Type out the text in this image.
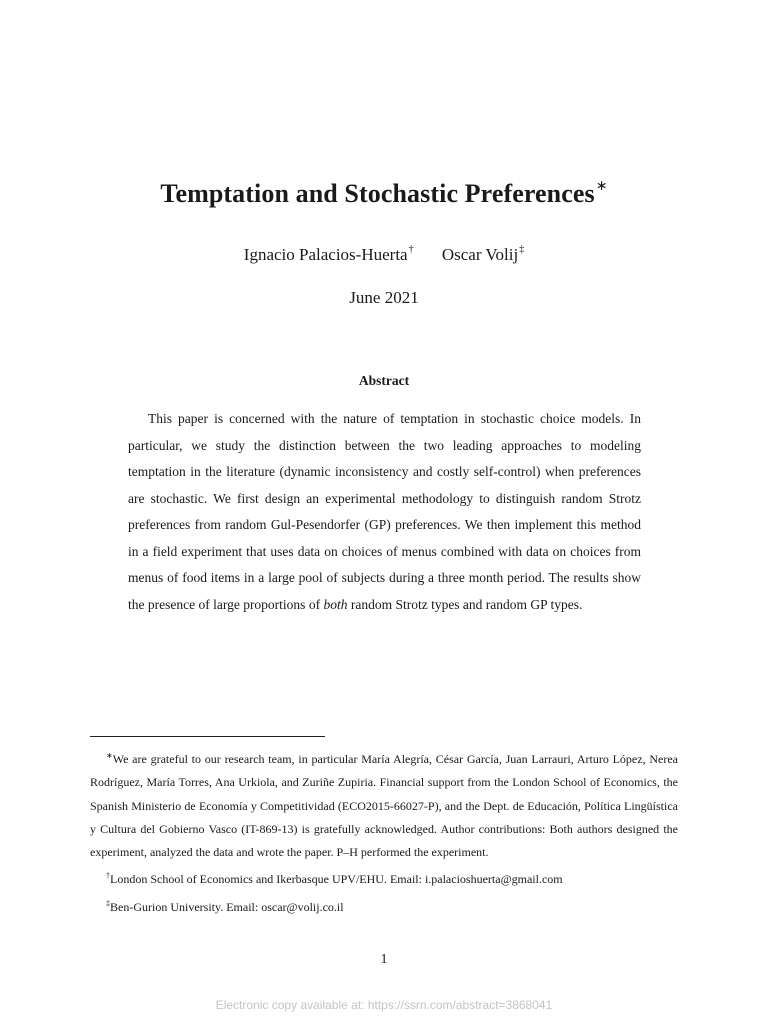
Temptation and Stochastic Preferences∗
Ignacio Palacios-Huerta† Oscar Volij‡
June 2021
Abstract

This paper is concerned with the nature of temptation in stochastic choice models. In particular, we study the distinction between the two leading approaches to modeling temptation in the literature (dynamic inconsistency and costly self-control) when preferences are stochastic. We first design an experimental methodology to distinguish random Strotz preferences from random Gul-Pesendorfer (GP) preferences. We then implement this method in a field experiment that uses data on choices of menus combined with data on choices from menus of food items in a large pool of subjects during a three month period. The results show the presence of large proportions of both random Strotz types and random GP types.

∗We are grateful to our research team, in particular María Alegría, César García, Juan Larrauri, Arturo López, Nerea Rodríguez, María Torres, Ana Urkiola, and Zuriñe Zupiria. Financial support from the London School of Economics, the Spanish Ministerio de Economía y Competitividad (ECO2015-66027-P), and the Dept. de Educación, Política Lingüística y Cultura del Gobierno Vasco (IT-869-13) is gratefully acknowledged. Author contributions: Both authors designed the experiment, analyzed the data and wrote the paper. P–H performed the experiment.

†London School of Economics and Ikerbasque UPV/EHU. Email: i.palacioshuerta@gmail.com

‡Ben-Gurion University. Email: oscar@volij.co.il

1
Electronic copy available at: https://ssrn.com/abstract=3868041
